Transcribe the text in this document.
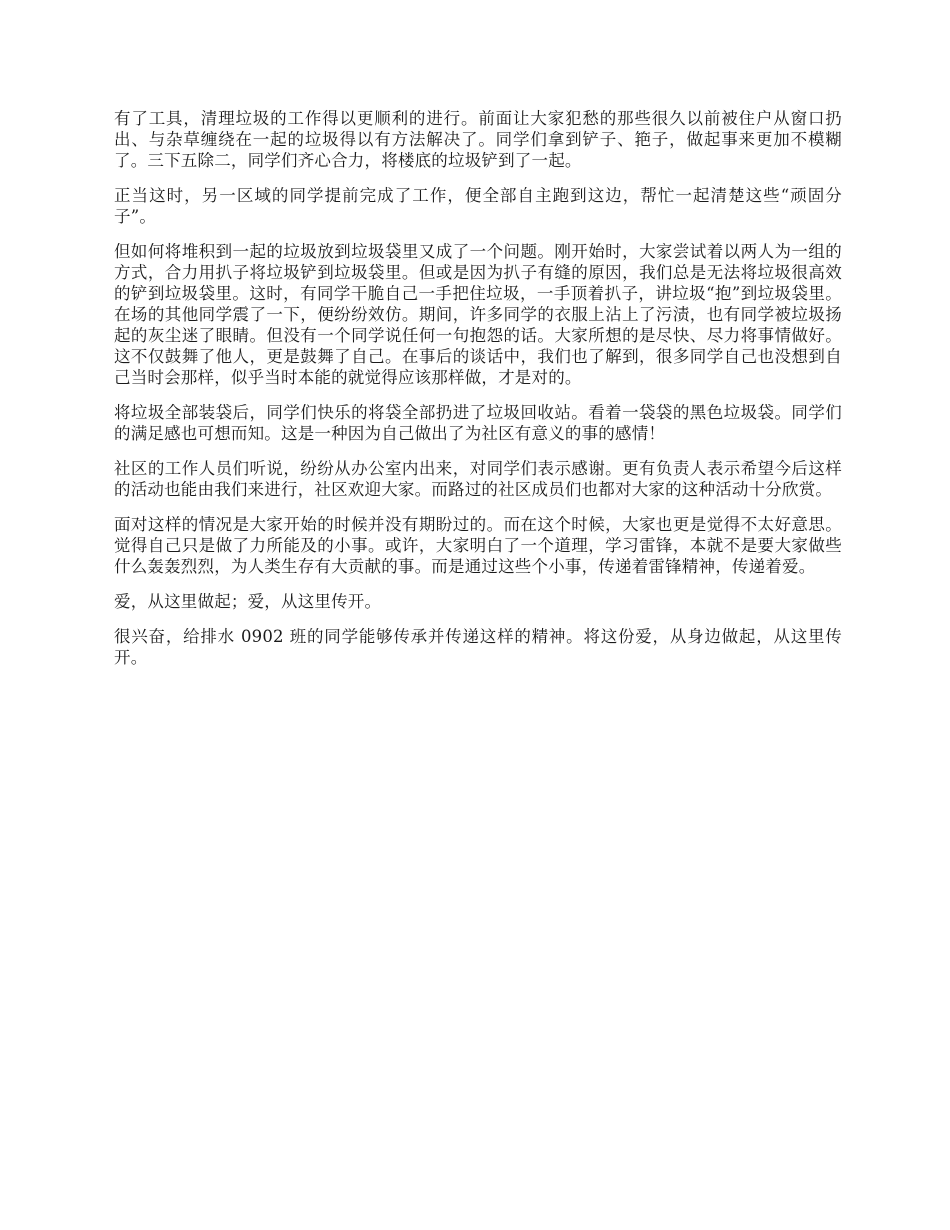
有了工具，清理垃圾的工作得以更顺利的进行。前面让大家犯愁的那些很久以前被住户从窗口扔出、与杂草缠绕在一起的垃圾得以有方法解决了。同学们拿到铲子、筢子，做起事来更加不模糊了。三下五除二，同学们齐心合力，将楼底的垃圾铲到了一起。

正当这时，另一区域的同学提前完成了工作，便全部自主跑到这边，帮忙一起清楚这些“顽固分子”。

但如何将堆积到一起的垃圾放到垃圾袋里又成了一个问题。刚开始时，大家尝试着以两人为一组的方式，合力用扒子将垃圾铲到垃圾袋里。但或是因为扒子有缝的原因，我们总是无法将垃圾很高效的铲到垃圾袋里。这时，有同学干脆自己一手把住垃圾，一手顶着扒子，讲垃圾“抱”到垃圾袋里。在场的其他同学震了一下，便纷纷效仿。期间，许多同学的衣服上沾上了污渍，也有同学被垃圾扬起的灰尘迷了眼睛。但没有一个同学说任何一句抱怨的话。大家所想的是尽快、尽力将事情做好。这不仅鼓舞了他人，更是鼓舞了自己。在事后的谈话中，我们也了解到，很多同学自己也没想到自己当时会那样，似乎当时本能的就觉得应该那样做，才是对的。

将垃圾全部装袋后，同学们快乐的将袋全部扔进了垃圾回收站。看着一袋袋的黑色垃圾袋。同学们的满足感也可想而知。这是一种因为自己做出了为社区有意义的事的感情！

社区的工作人员们听说，纷纷从办公室内出来，对同学们表示感谢。更有负责人表示希望今后这样的活动也能由我们来进行，社区欢迎大家。而路过的社区成员们也都对大家的这种活动十分欣赏。

面对这样的情况是大家开始的时候并没有期盼过的。而在这个时候，大家也更是觉得不太好意思。觉得自己只是做了力所能及的小事。或许，大家明白了一个道理，学习雷锋，本就不是要大家做些什么轰轰烈烈，为人类生存有大贡献的事。而是通过这些个小事，传递着雷锋精神，传递着爱。

爱，从这里做起；爱，从这里传开。

很兴奋，给排水 0902 班的同学能够传承并传递这样的精神。将这份爱，从身边做起，从这里传开。
